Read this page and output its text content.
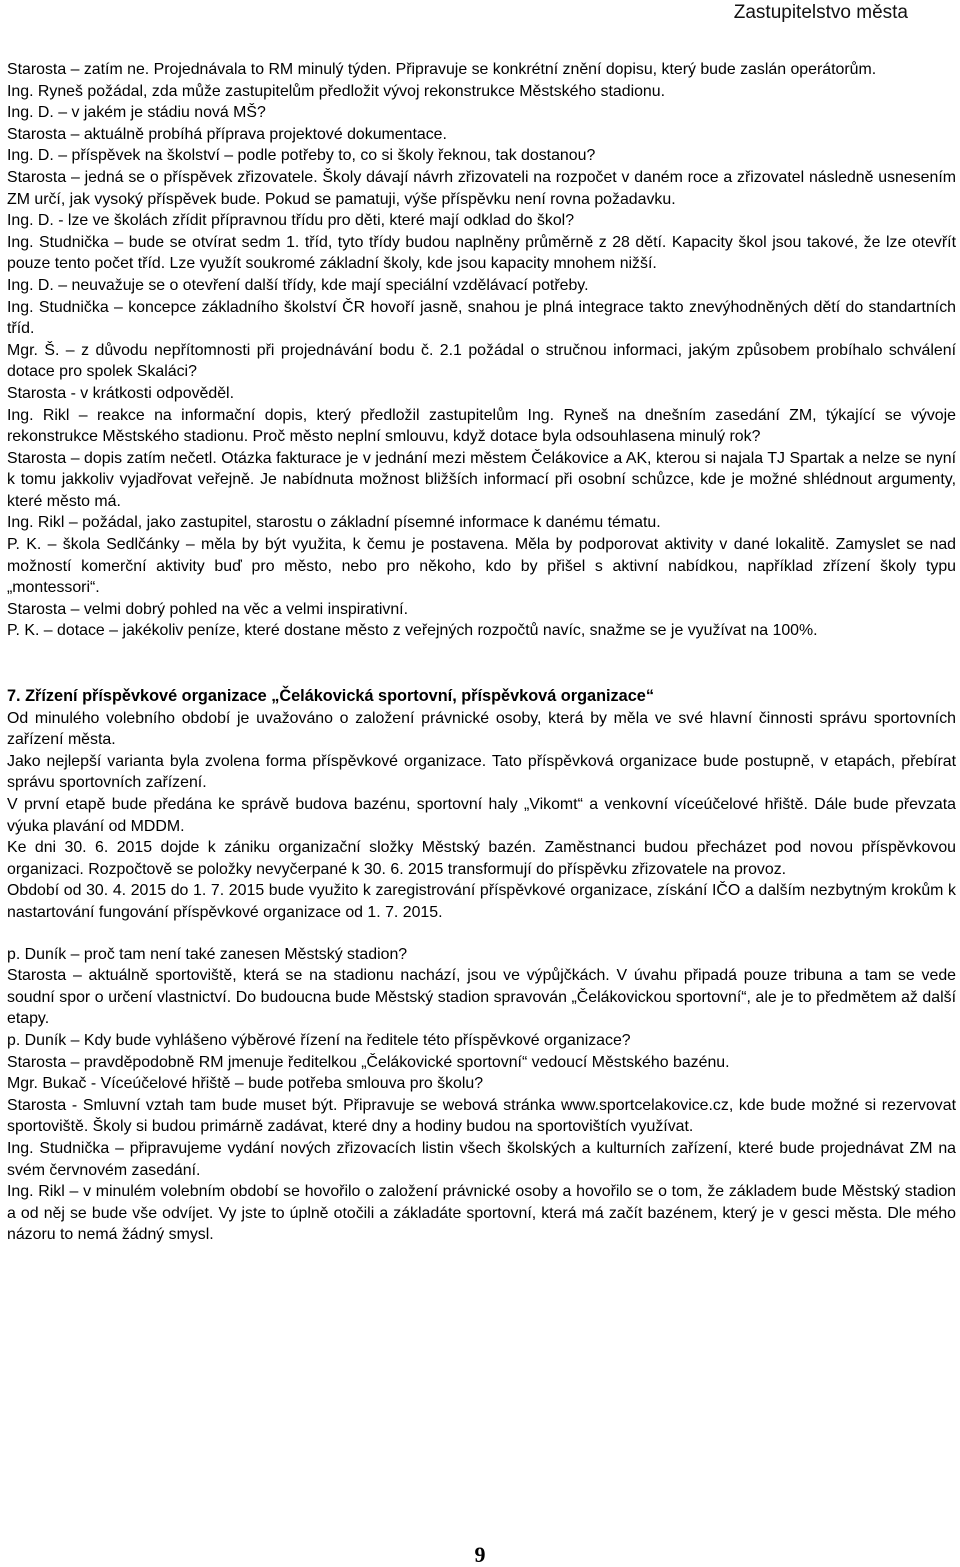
Zastupitelstvo města

Starosta – zatím ne. Projednávala to RM minulý týden. Připravuje se konkrétní znění dopisu, který bude zaslán operátorům.

Ing. Ryneš požádal, zda může zastupitelům předložit vývoj rekonstrukce Městského stadionu.

Ing. D. – v jakém je stádiu nová MŠ?

Starosta – aktuálně probíhá příprava projektové dokumentace.

Ing. D. – příspěvek na školství – podle potřeby to, co si školy řeknou, tak dostanou?

Starosta – jedná se o příspěvek zřizovatele. Školy dávají návrh zřizovateli na rozpočet v daném roce a zřizovatel následně usnesením ZM určí, jak vysoký příspěvek bude. Pokud se pamatuji, výše příspěvku není rovna požadavku.

Ing. D. - lze ve školách zřídit přípravnou třídu pro děti, které mají odklad do škol?

Ing. Studnička – bude se otvírat sedm 1. tříd, tyto třídy budou naplněny průměrně z 28 dětí. Kapacity škol jsou takové, že lze otevřít pouze tento počet tříd. Lze využít soukromé základní školy, kde jsou kapacity mnohem nižší.

Ing. D. – neuvažuje se o otevření další třídy, kde mají speciální vzdělávací potřeby.

Ing. Studnička – koncepce základního školství ČR hovoří jasně, snahou je plná integrace takto znevýhodněných dětí do standartních tříd.

Mgr. Š. – z důvodu nepřítomnosti při projednávání bodu č. 2.1 požádal o stručnou informaci, jakým způsobem probíhalo schválení dotace pro spolek Skaláci?

Starosta - v krátkosti odpověděl.

Ing. Rikl – reakce na informační dopis, který předložil zastupitelům Ing. Ryneš na dnešním zasedání ZM, týkající se vývoje rekonstrukce Městského stadionu. Proč město neplní smlouvu, když dotace byla odsouhlasena minulý rok?

Starosta – dopis zatím nečetl. Otázka fakturace je v jednání mezi městem Čelákovice a AK, kterou si najala TJ Spartak a nelze se nyní k tomu jakkoliv vyjadřovat veřejně. Je nabídnuta možnost bližších informací při osobní schůzce, kde je možné shlédnout argumenty, které město má.

Ing. Rikl – požádal, jako zastupitel, starostu o základní písemné informace k danému tématu.

P. K. – škola Sedlčánky – měla by být využita, k čemu je postavena. Měla by podporovat aktivity v dané lokalitě. Zamyslet se nad možností komerční aktivity buď pro město, nebo pro někoho, kdo by přišel s aktivní nabídkou, například zřízení školy typu „montessori“.

Starosta – velmi dobrý pohled na věc a velmi inspirativní.

P. K. – dotace – jakékoliv peníze, které dostane město z veřejných rozpočtů navíc, snažme se je využívat na 100%.

7. Zřízení příspěvkové organizace „Čelákovická sportovní, příspěvková organizace“

Od minulého volebního období je uvažováno o založení právnické osoby, která by měla ve své hlavní činnosti správu sportovních zařízení města.

Jako nejlepší varianta byla zvolena forma příspěvkové organizace. Tato příspěvková organizace bude postupně, v etapách, přebírat správu sportovních zařízení.

V první etapě bude předána ke správě budova bazénu, sportovní haly „Vikomt“ a venkovní víceúčelové hřiště. Dále bude převzata výuka plavání od MDDM.

Ke dni 30. 6. 2015 dojde k zániku organizační složky Městský bazén. Zaměstnanci budou přecházet pod novou příspěvkovou organizaci. Rozpočtově se položky nevyčerpané k 30. 6. 2015 transformují do příspěvku zřizovatele na provoz.

Období od 30. 4. 2015 do 1. 7. 2015 bude využito k zaregistrování příspěvkové organizace, získání IČO a dalším nezbytným krokům k nastartování fungování příspěvkové organizace od 1. 7. 2015.

p. Duník – proč tam není také zanesen Městský stadion?

Starosta – aktuálně sportoviště, která se na stadionu nachází, jsou ve výpůjčkách. V úvahu připadá pouze tribuna a tam se vede soudní spor o určení vlastnictví. Do budoucna bude Městský stadion spravován „Čelákovickou sportovní“, ale je to předmětem až další etapy.

p. Duník – Kdy bude vyhlášeno výběrové řízení na ředitele této příspěvkové organizace?

Starosta – pravděpodobně RM jmenuje ředitelkou „Čelákovické sportovní“ vedoucí Městského bazénu.

Mgr. Bukač - Víceúčelové hřiště – bude potřeba smlouva pro školu?

Starosta - Smluvní vztah tam bude muset být. Připravuje se webová stránka www.sportcelakovice.cz, kde bude možné si rezervovat sportoviště. Školy si budou primárně zadávat, které dny a hodiny budou na sportovištích využívat.

Ing. Studnička – připravujeme vydání nových zřizovacích listin všech školských a kulturních zařízení, které bude projednávat ZM na svém červnovém zasedání.

Ing. Rikl – v minulém volebním období se hovořilo o založení právnické osoby a hovořilo se o tom, že základem bude Městský stadion a od něj se bude vše odvíjet. Vy jste to úplně otočili a základáte sportovní, která má začít bazénem, který je v gesci města. Dle mého názoru to nemá žádný smysl.

9
